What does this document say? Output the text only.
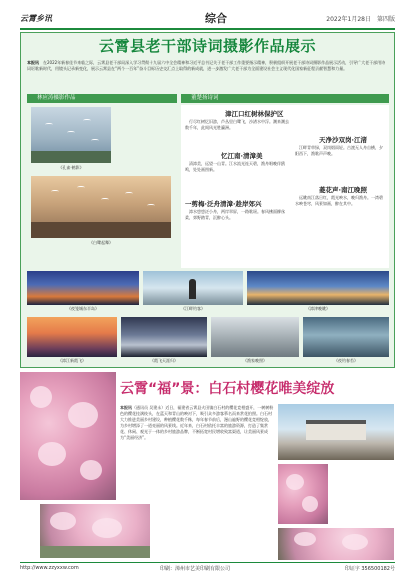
云霄乡讯	综合	2022年1月28日　第四版
云霄县老干部诗词摄影作品展示
本报讯　在2022年新春佳节来临之际，云霄县老干部局深入学习贯彻十九届六中全会精神和习近平总书记关于老干部工作重要指示精神，积极组织开展老干部诗词摄影作品展示活动，引导广大老干部用诗词讴歌新时代，用镜头记录新变化，展示云霄县在“两个一百年”奋斗目标历史交汇点上取得的新成就，进一步激发广大老干部为全面建设社会主义现代化国家新征程贡献智慧和力量。
林应涛摄影作品
《孔雀·鹤影》
《白鹭起舞》
董楚扬诗词
漳江口红树林保护区
　行尽红树忆旧游，芦丛里白鹭飞，沙渚水中浮。潮来潮去数千年，此间风光胜瀛洲。
忆江南·清漳美
　清漳美，远望一山青。江水流光连天碧，渔舟唱晚伴鸥鸣，处处画图新。
一剪梅·泛舟清漳·趁岸郊兴
　漳水悠悠泛小舟，两岸翠屏，一路歌谣。春风拂面柳丝柔，郊野踏青，沉醉心头。
天净沙双岗·江渚
　江畔青草绿，双岗烟雨轻。古渡无人舟自横，夕阳西下，渔歌声声晚。
菱花声·南江晚照
　远眺南江落日红，霞光映水，晚归渔舟。一湾碧水映苍穹，风景如画，醉在其中。
《夜笼城东半岛》	《江畔钓客》	《漳津晚眺》
《漳江新霞飞》	《霞飞天涯归》	《渔家晚照》	《夜钓春苔》
云霄“福”景：白石村樱花唯美绽放
本报讯（通讯员 吴建永）近日，福建省云霄县火田镇白石村的樱花竞相盛开，一树树粉色的樱花挂满枝头，在蓝天和青山的映衬下，吸引众多游客慕名而来赏花拍照。白石村大力推进美丽乡村建设，种植樱花数千株，每年春节前后，漫山遍野的樱花竞相绽放，为乡村增添了一道亮丽的风景线。近年来，白石村依托丰富的旅游资源，打造了集赏花、休闲、观光于一体的乡村旅游品牌，不断拓宽村民增收致富渠道，让美丽风景成为“美丽经济”。
http://www.zzyxxw.com	印刷：漳州市艺美印刷有限公司	印证字 356500182号
